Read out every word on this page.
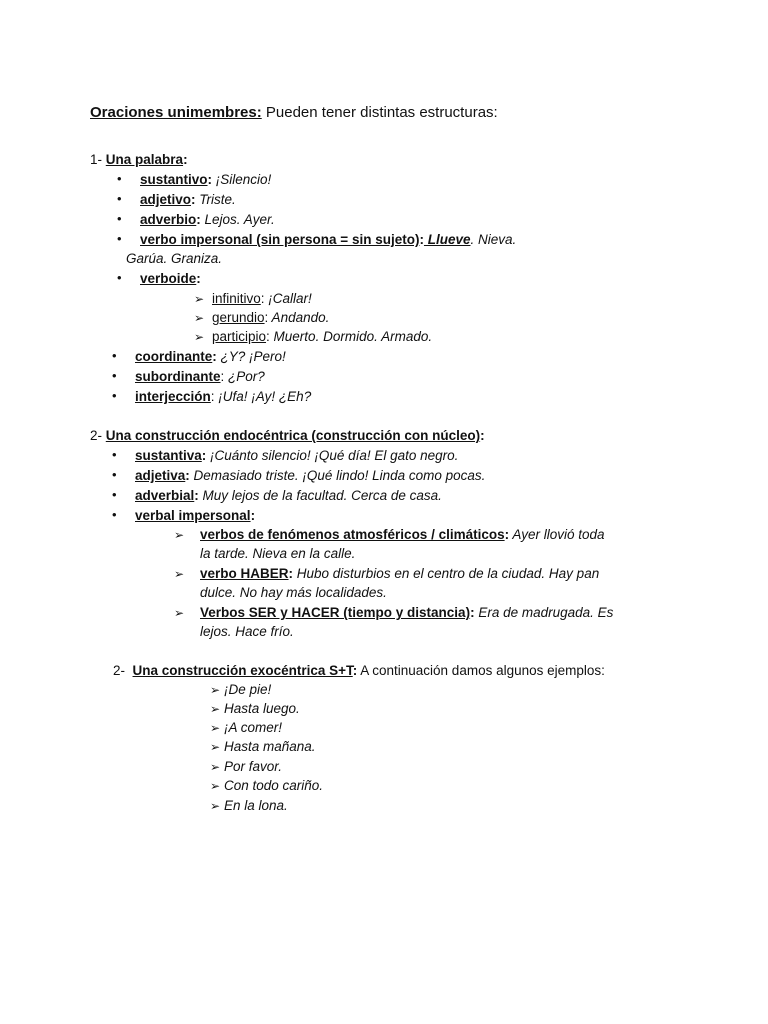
Oraciones unimembres: Pueden tener distintas estructuras:
1- Una palabra:
• sustantivo: ¡Silencio!
• adjetivo: Triste.
• adverbio: Lejos. Ayer.
• verbo impersonal (sin persona = sin sujeto): Llueve. Nieva.
Garúa. Graniza.
• verboide:
➢ infinitivo: ¡Callar!
➢ gerundio: Andando.
➢ participio: Muerto. Dormido. Armado.
• coordinante: ¿Y? ¡Pero!
• subordinante: ¿Por?
• interjección: ¡Ufa! ¡Ay! ¿Eh?
2- Una construcción endocéntrica (construcción con núcleo):
• sustantiva: ¡Cuánto silencio! ¡Qué día! El gato negro.
• adjetiva: Demasiado triste. ¡Qué lindo! Linda como pocas.
• adverbial: Muy lejos de la facultad. Cerca de casa.
• verbal impersonal:
➢ verbos de fenómenos atmosféricos / climáticos: Ayer llovió toda
la tarde. Nieva en la calle.
➢ verbo HABER: Hubo disturbios en el centro de la ciudad. Hay pan
dulce. No hay más localidades.
➢ Verbos SER y HACER (tiempo y distancia): Era de madrugada. Es
lejos. Hace frío.
2- Una construcción exocéntrica S+T: A continuación damos algunos ejemplos:
➢ ¡De pie!
➢ Hasta luego.
➢ ¡A comer!
➢ Hasta mañana.
➢ Por favor.
➢ Con todo cariño.
➢ En la lona.
